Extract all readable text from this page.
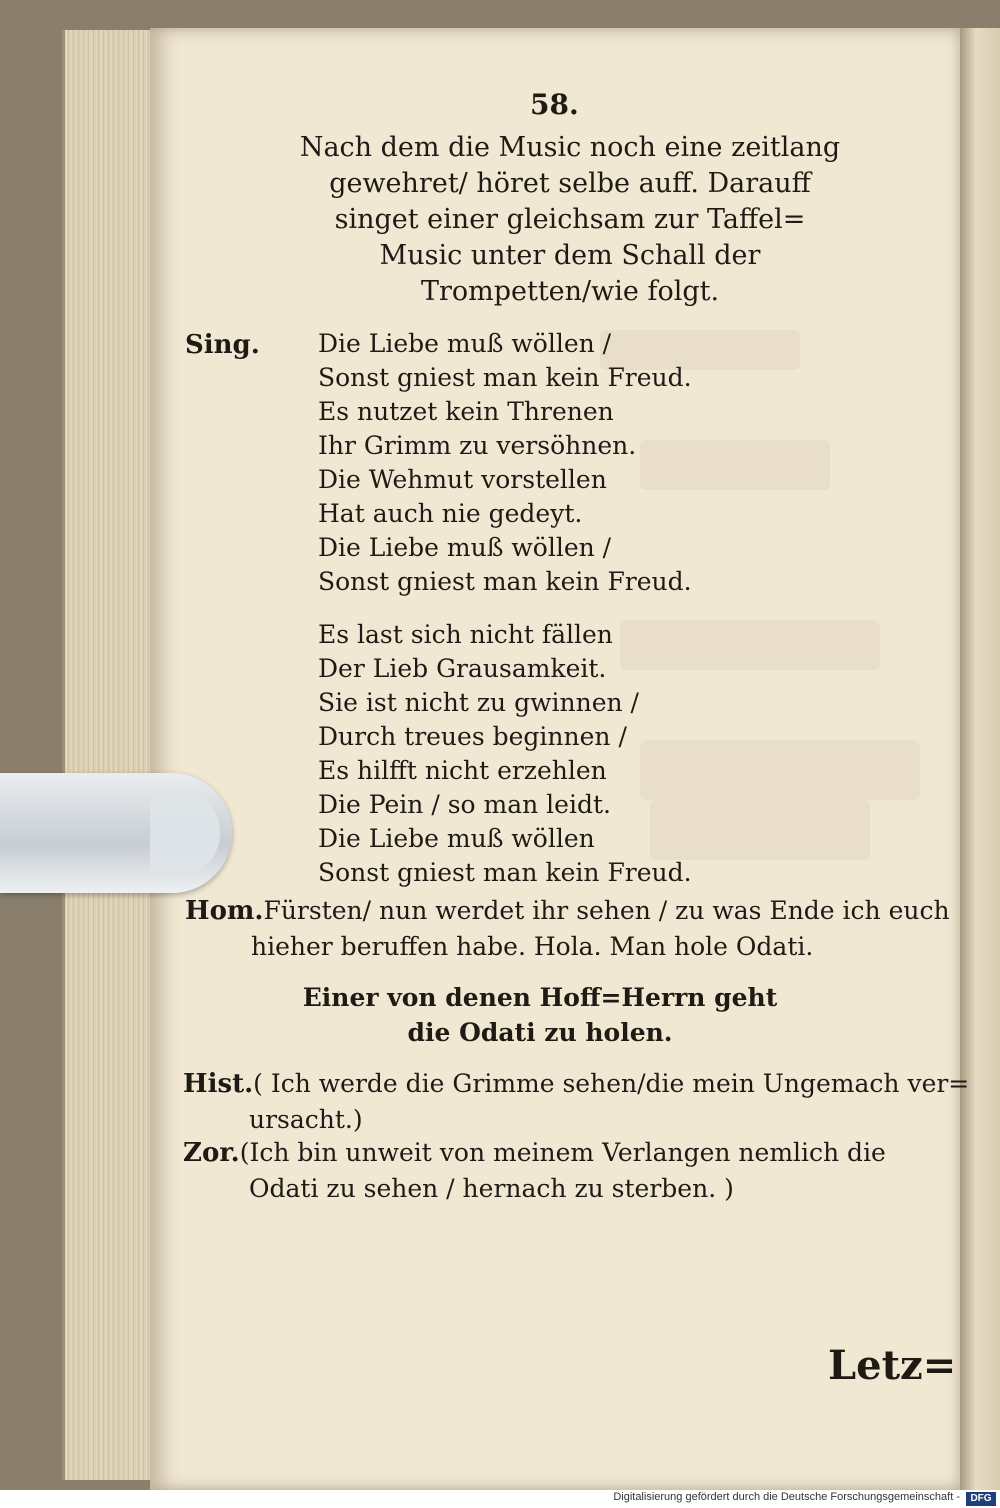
58.
Nach dem die Music noch eine zeitlang
gewehret/ höret selbe auff. Darauff
singet einer gleichsam zur Taffel=
Music unter dem Schall der
Trompetten/wie folgt.
Sing. Die Liebe muß wöllen /
Sonst gniest man kein Freud.
Es nutzet kein Threnen
Ihr Grimm zu versöhnen.
Die Wehmut vorstellen
Hat auch nie gedeyt.
Die Liebe muß wöllen /
Sonst gniest man kein Freud.
Es last sich nicht fällen
Der Lieb Grausamkeit.
Sie ist nicht zu gwinnen /
Durch treues beginnen /
Es hilfft nicht erzehlen
Die Pein / so man leidt.
Die Liebe muß wöllen
Sonst gniest man kein Freud.
Hom.Fürsten/ nun werdet ihr sehen / zu was Ende ich euch
hieher beruffen habe. Hola. Man hole Odati.
Einer von denen Hoff=Herrn geht
die Odati zu holen.
Hist.( Ich werde die Grimme sehen/die mein Ungemach ver=
ursacht.)
Zor.(Ich bin unweit von meinem Verlangen nemlich die
Odati zu sehen / hernach zu sterben. )
Letz=
Digitalisierung gefördert durch die Deutsche Forschungsgemeinschaft -	DFG
